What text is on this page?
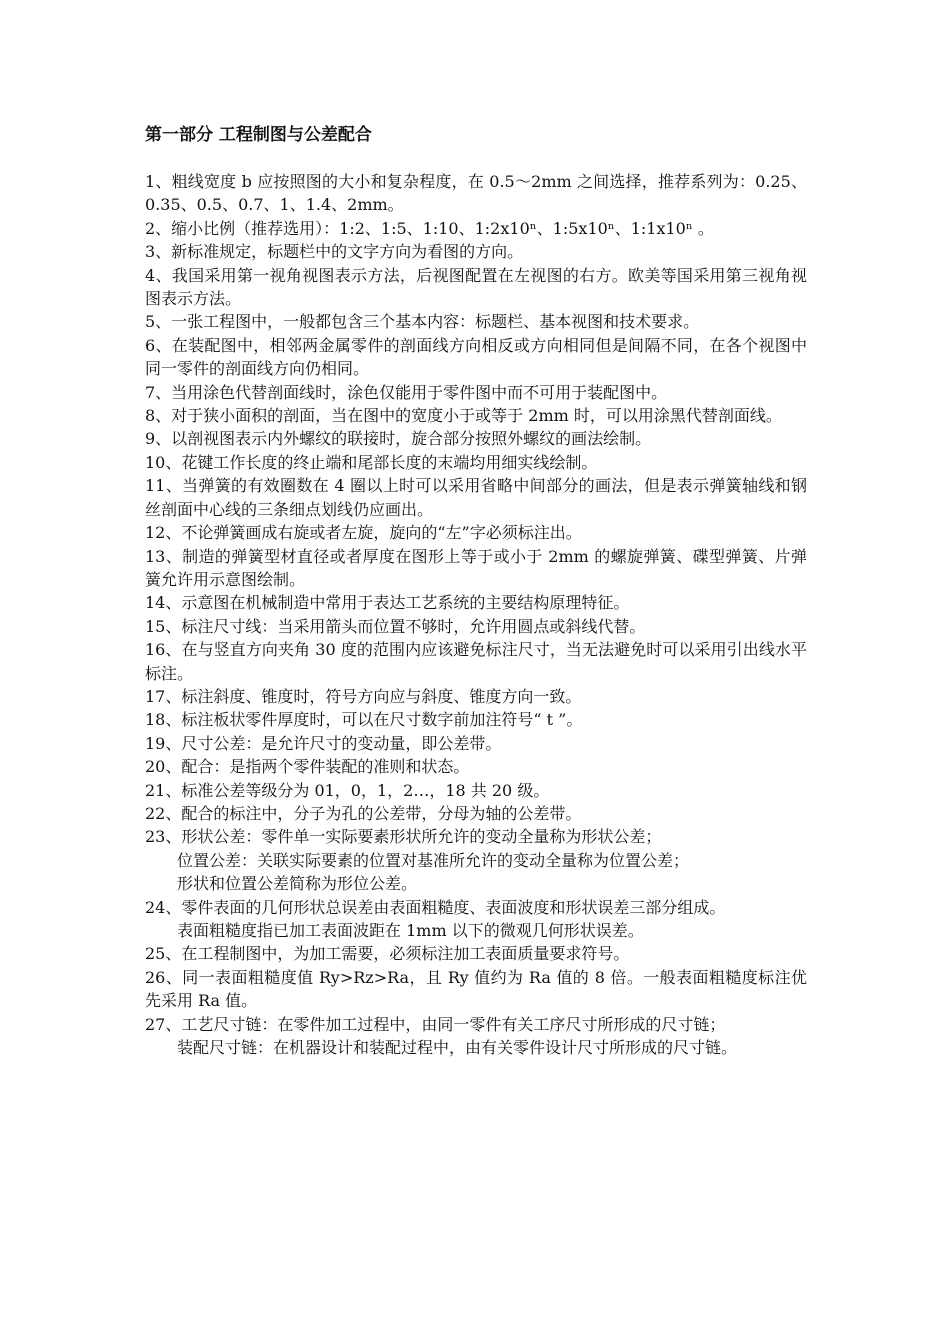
第一部分 工程制图与公差配合

1、粗线宽度 b 应按照图的大小和复杂程度，在 0.5～2mm 之间选择，推荐系列为：0.25、0.35、0.5、0.7、1、1.4、2mm。

2、缩小比例（推荐选用）：1:2、1:5、1:10、1:2x10ⁿ、1:5x10ⁿ、1:1x10ⁿ 。

3、新标准规定，标题栏中的文字方向为看图的方向。

4、我国采用第一视角视图表示方法，后视图配置在左视图的右方。欧美等国采用第三视角视图表示方法。

5、一张工程图中，一般都包含三个基本内容：标题栏、基本视图和技术要求。

6、在装配图中，相邻两金属零件的剖面线方向相反或方向相同但是间隔不同，在各个视图中同一零件的剖面线方向仍相同。

7、当用涂色代替剖面线时，涂色仅能用于零件图中而不可用于装配图中。

8、对于狭小面积的剖面，当在图中的宽度小于或等于 2mm 时，可以用涂黑代替剖面线。

9、以剖视图表示内外螺纹的联接时，旋合部分按照外螺纹的画法绘制。

10、花键工作长度的终止端和尾部长度的末端均用细实线绘制。

11、当弹簧的有效圈数在 4 圈以上时可以采用省略中间部分的画法，但是表示弹簧轴线和钢丝剖面中心线的三条细点划线仍应画出。

12、不论弹簧画成右旋或者左旋，旋向的“左”字必须标注出。

13、制造的弹簧型材直径或者厚度在图形上等于或小于 2mm 的螺旋弹簧、碟型弹簧、片弹簧允许用示意图绘制。

14、示意图在机械制造中常用于表达工艺系统的主要结构原理特征。

15、标注尺寸线：当采用箭头而位置不够时，允许用圆点或斜线代替。

16、在与竖直方向夹角 30 度的范围内应该避免标注尺寸，当无法避免时可以采用引出线水平标注。

17、标注斜度、锥度时，符号方向应与斜度、锥度方向一致。

18、标注板状零件厚度时，可以在尺寸数字前加注符号“ t ”。

19、尺寸公差：是允许尺寸的变动量，即公差带。

20、配合：是指两个零件装配的准则和状态。

21、标准公差等级分为 01，0，1，2…，18 共 20 级。

22、配合的标注中，分子为孔的公差带，分母为轴的公差带。

23、形状公差：零件单一实际要素形状所允许的变动全量称为形状公差；

位置公差：关联实际要素的位置对基准所允许的变动全量称为位置公差；

形状和位置公差简称为形位公差。

24、零件表面的几何形状总误差由表面粗糙度、表面波度和形状误差三部分组成。

表面粗糙度指已加工表面波距在 1mm 以下的微观几何形状误差。

25、在工程制图中，为加工需要，必须标注加工表面质量要求符号。

26、同一表面粗糙度值 Ry>Rz>Ra，且 Ry 值约为 Ra 值的 8 倍。一般表面粗糙度标注优先采用 Ra 值。

27、工艺尺寸链：在零件加工过程中，由同一零件有关工序尺寸所形成的尺寸链；

装配尺寸链：在机器设计和装配过程中，由有关零件设计尺寸所形成的尺寸链。
